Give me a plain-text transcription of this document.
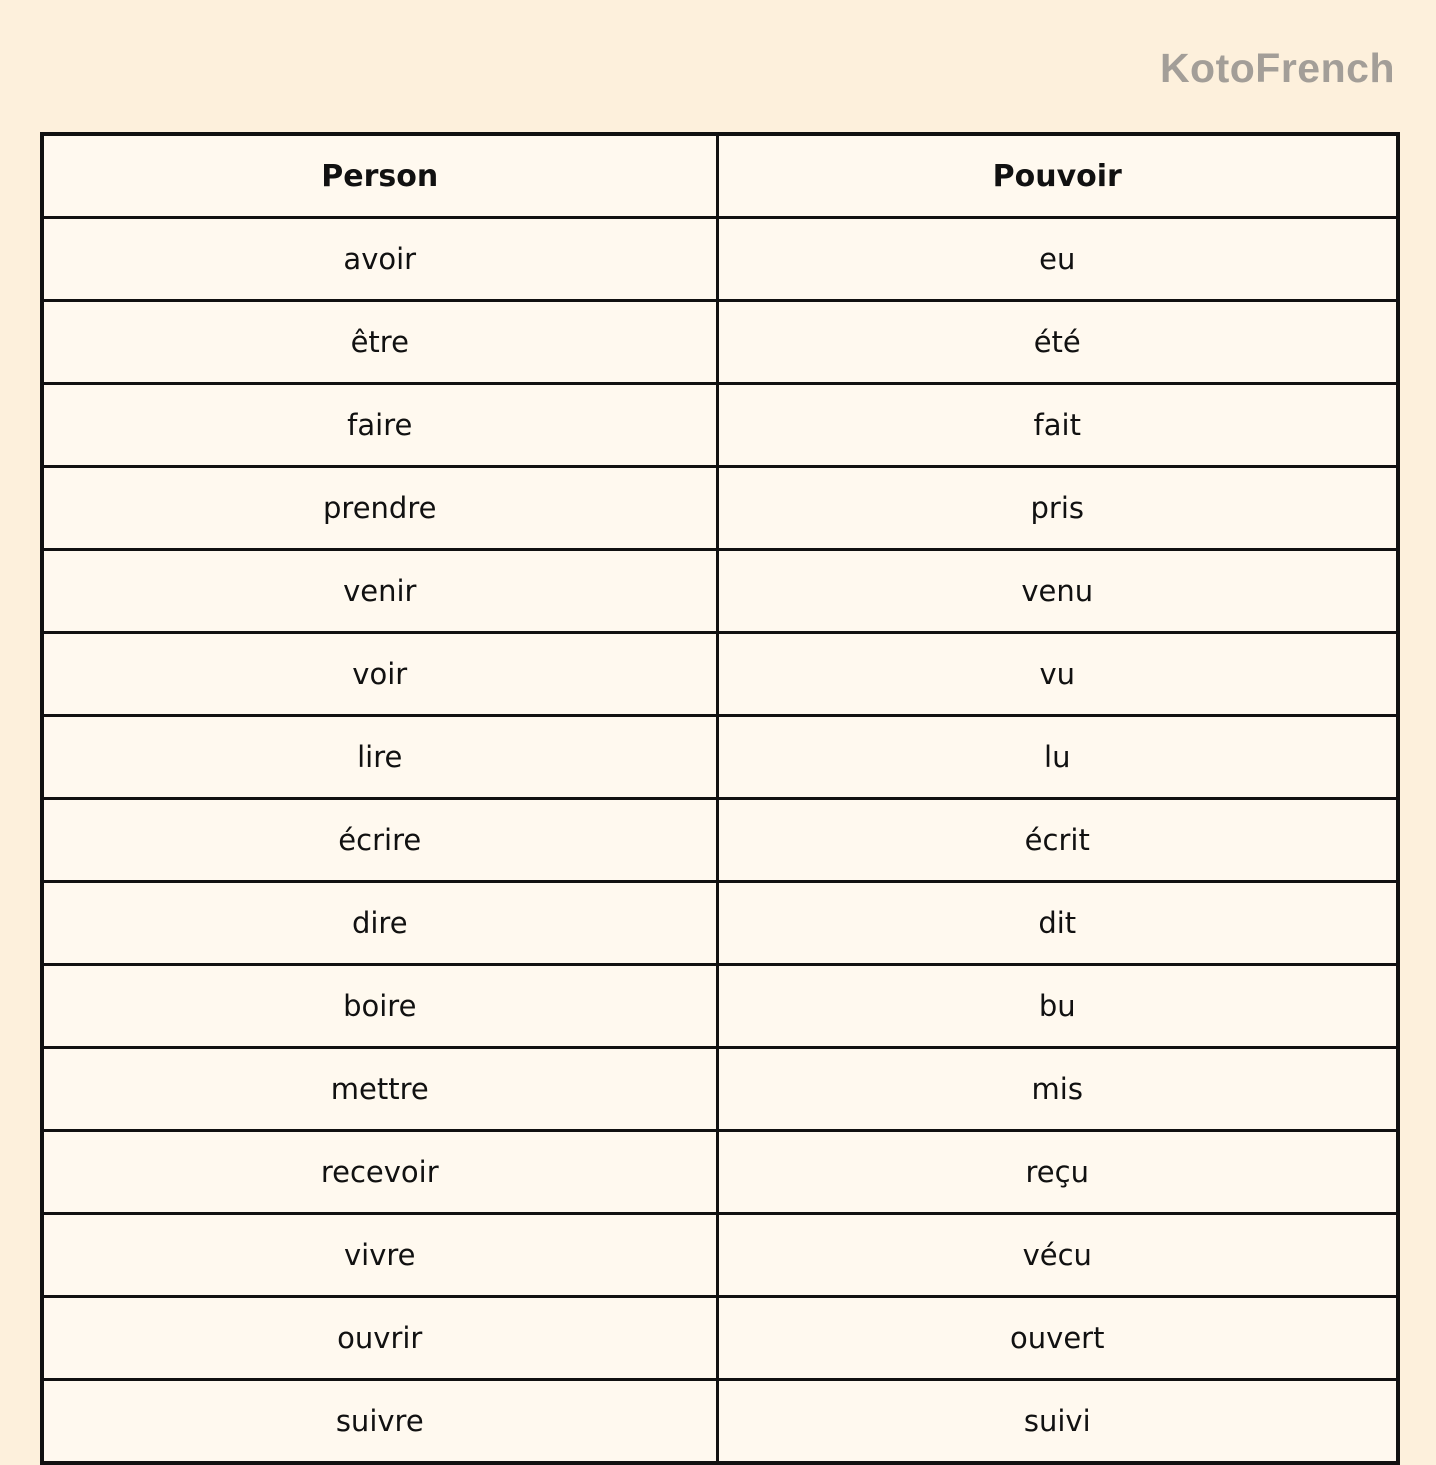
KotoFrench
Person	Pouvoir
avoir	eu
être	été
faire	fait
prendre	pris
venir	venu
voir	vu
lire	lu
écrire	écrit
dire	dit
boire	bu
mettre	mis
recevoir	reçu
vivre	vécu
ouvrir	ouvert
suivre	suivi
